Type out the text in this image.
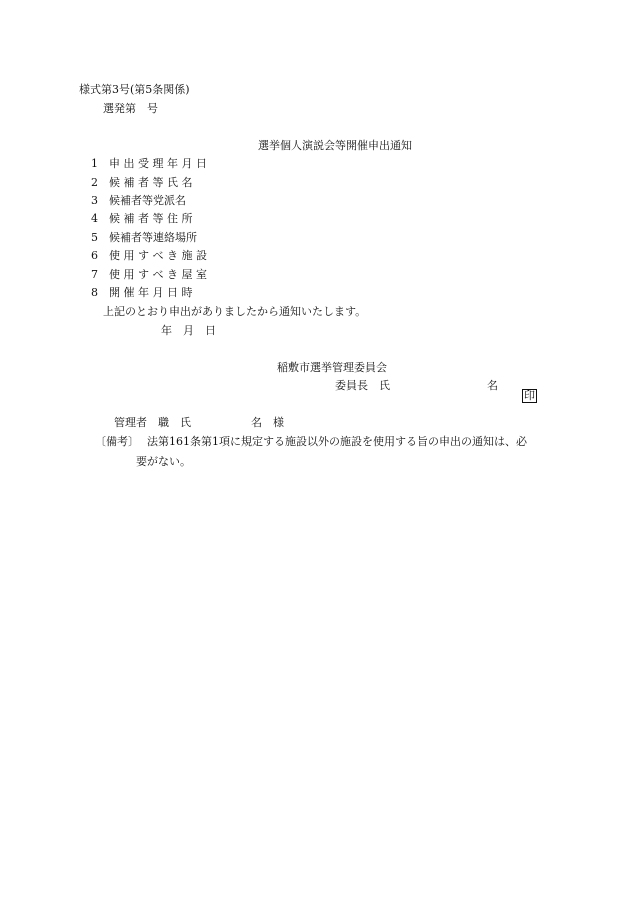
様式第3号(第5条関係)
選発第　号
選挙個人演説会等開催申出通知
1 申 出 受 理 年 月 日
2 候 補 者 等 氏 名
3 候補者等党派名
4 候 補 者 等 住 所
5 候補者等連絡場所
6 使 用 す べ き 施 設
7 使 用 す べ き 屋 室
8 開 催 年 月 日 時
上記のとおり申出がありましたから通知いたします。
年　月　日
稲敷市選挙管理委員会
委員長　氏	名

印

管理者　職　氏	名　様
〔備考〕 法第161条第1項に規定する施設以外の施設を使用する旨の申出の通知は、必
要がない。
